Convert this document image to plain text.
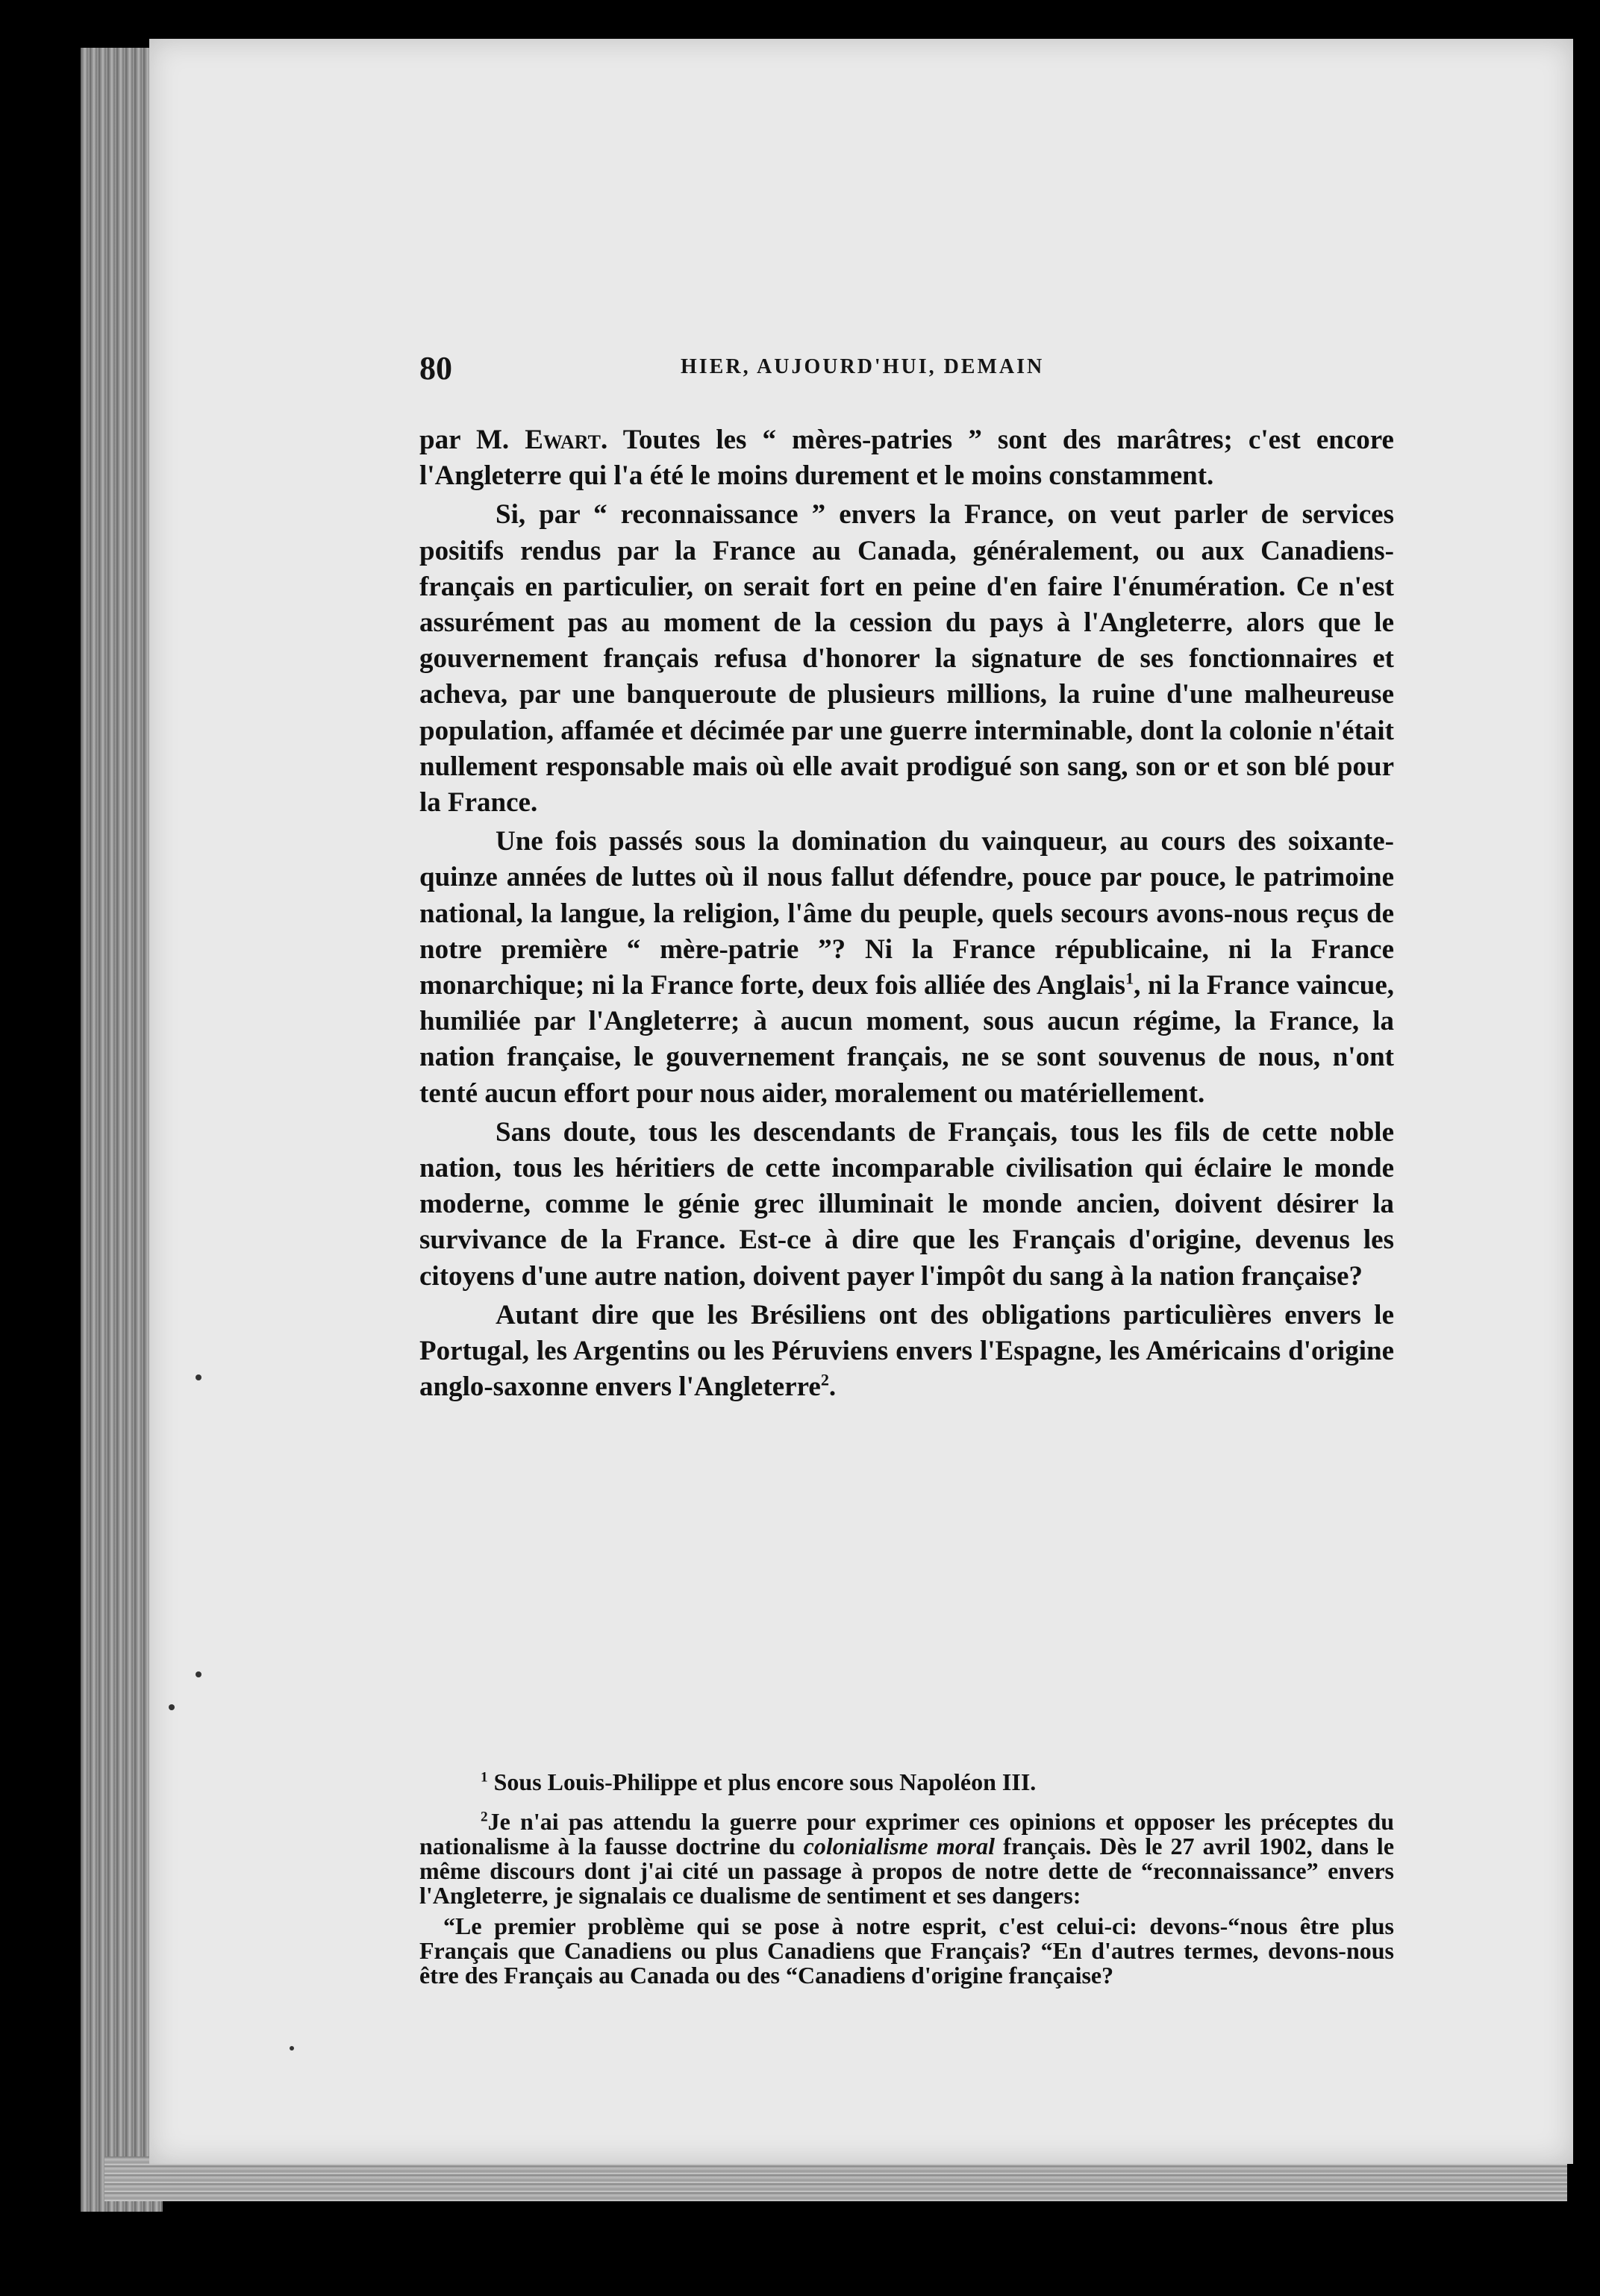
80	HIER, AUJOURD'HUI, DEMAIN

par M. Ewart. Toutes les “ mères-patries ” sont des marâtres; c'est encore l'Angleterre qui l'a été le moins durement et le moins constamment.

Si, par “ reconnaissance ” envers la France, on veut parler de services positifs rendus par la France au Canada, généralement, ou aux Canadiens-français en particulier, on serait fort en peine d'en faire l'énumération. Ce n'est assurément pas au moment de la cession du pays à l'Angleterre, alors que le gouvernement français refusa d'honorer la signature de ses fonctionnaires et acheva, par une banqueroute de plusieurs millions, la ruine d'une malheureuse population, affamée et décimée par une guerre interminable, dont la colonie n'était nullement responsable mais où elle avait prodigué son sang, son or et son blé pour la France.

Une fois passés sous la domination du vainqueur, au cours des soixante-quinze années de luttes où il nous fallut défendre, pouce par pouce, le patrimoine national, la langue, la religion, l'âme du peuple, quels secours avons-nous reçus de notre première “ mère-patrie ”? Ni la France républicaine, ni la France monarchique; ni la France forte, deux fois alliée des Anglais$^1$, ni la France vaincue, humiliée par l'Angleterre; à aucun moment, sous aucun régime, la France, la nation française, le gouvernement français, ne se sont souvenus de nous, n'ont tenté aucun effort pour nous aider, moralement ou matériellement.

Sans doute, tous les descendants de Français, tous les fils de cette noble nation, tous les héritiers de cette incomparable civilisation qui éclaire le monde moderne, comme le génie grec illuminait le monde ancien, doivent désirer la survivance de la France. Est-ce à dire que les Français d'origine, devenus les citoyens d'une autre nation, doivent payer l'impôt du sang à la nation française?

Autant dire que les Brésiliens ont des obligations particulières envers le Portugal, les Argentins ou les Péruviens envers l'Espagne, les Américains d'origine anglo-saxonne envers l'Angleterre$^2$.

$^1$ Sous Louis-Philippe et plus encore sous Napoléon III.

$^2$Je n'ai pas attendu la guerre pour exprimer ces opinions et opposer les préceptes du nationalisme à la fausse doctrine du colonialisme moral français. Dès le 27 avril 1902, dans le même discours dont j'ai cité un passage à propos de notre dette de “reconnaissance” envers l'Angleterre, je signalais ce dualisme de sentiment et ses dangers:

“Le premier problème qui se pose à notre esprit, c'est celui-ci: devons-“nous être plus Français que Canadiens ou plus Canadiens que Français? “En d'autres termes, devons-nous être des Français au Canada ou des “Canadiens d'origine française?
